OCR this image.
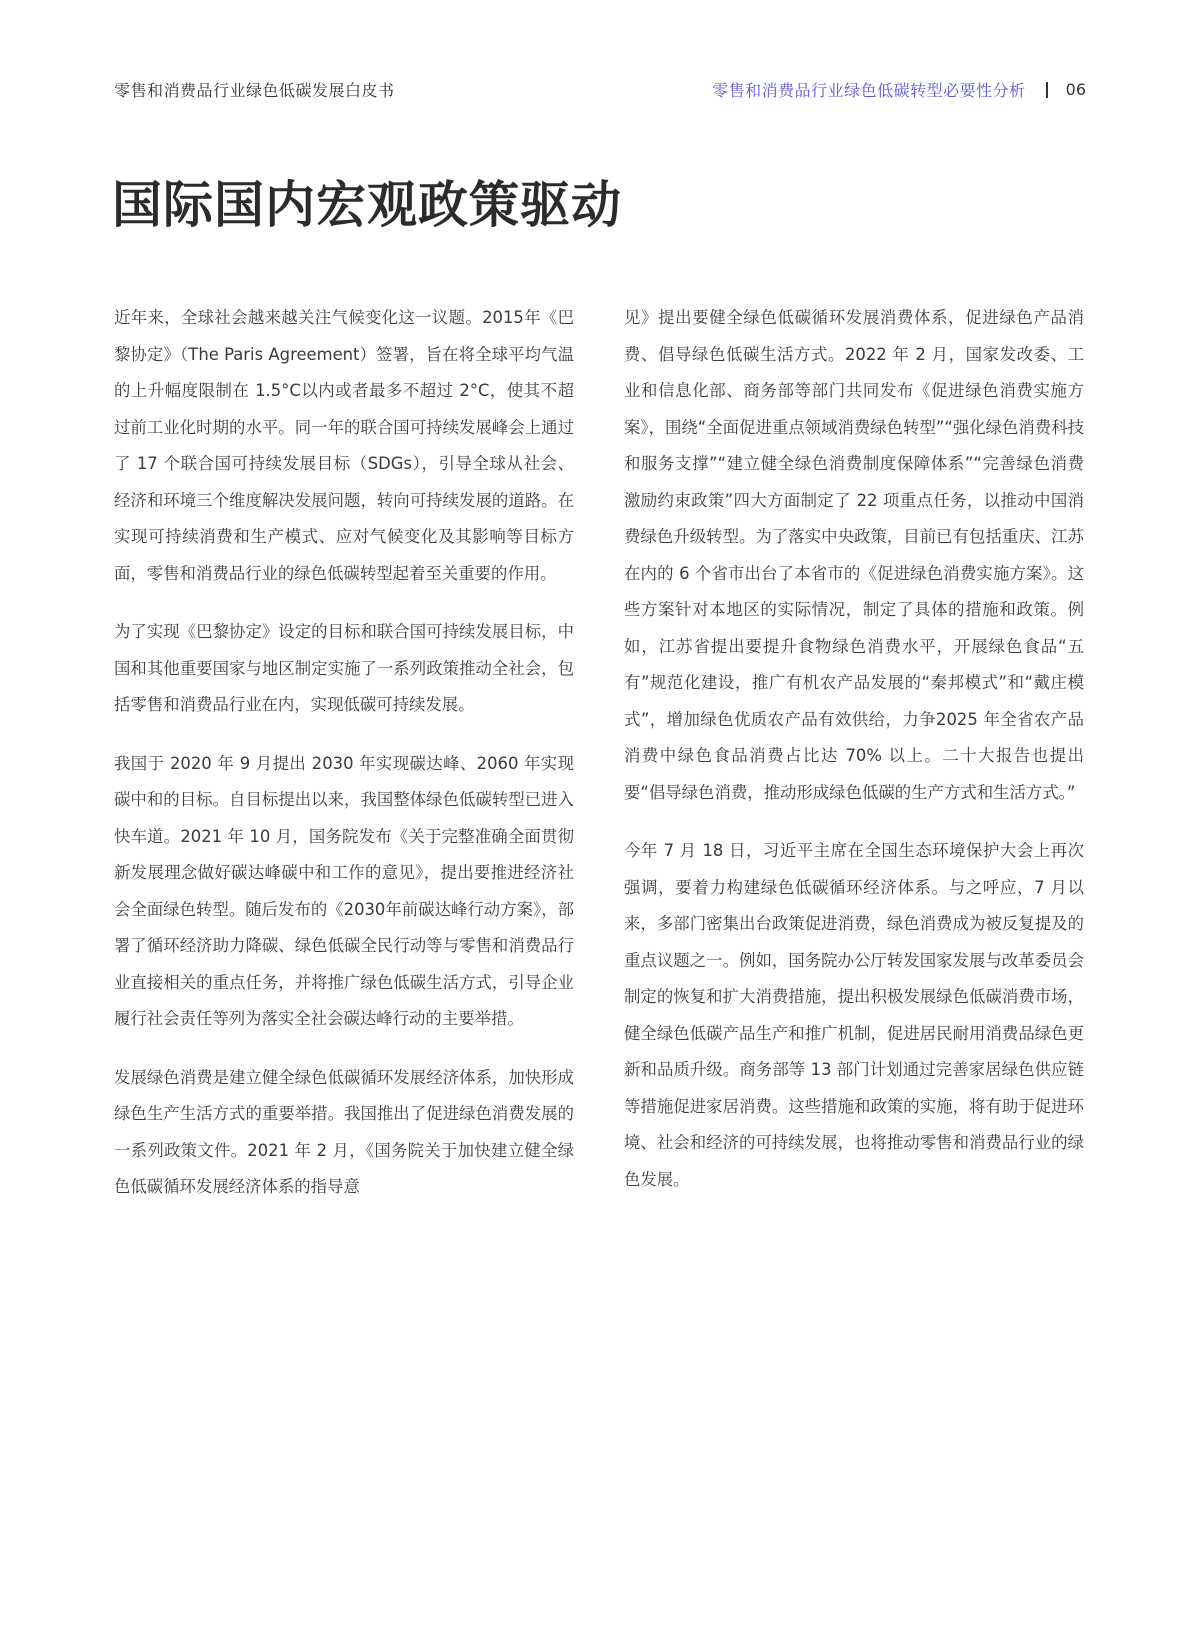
零售和消费品行业绿色低碳发展白皮书	零售和消费品行业绿色低碳转型必要性分析	06
国际国内宏观政策驱动

近年来，全球社会越来越关注气候变化这一议题。2015年《巴黎协定》（The Paris Agreement）签署，旨在将全球平均气温的上升幅度限制在 1.5°C以内或者最多不超过 2°C，使其不超过前工业化时期的水平。同一年的联合国可持续发展峰会上通过了 17 个联合国可持续发展目标（SDGs），引导全球从社会、经济和环境三个维度解决发展问题，转向可持续发展的道路。在实现可持续消费和生产模式、应对气候变化及其影响等目标方面，零售和消费品行业的绿色低碳转型起着至关重要的作用。

为了实现《巴黎协定》设定的目标和联合国可持续发展目标，中国和其他重要国家与地区制定实施了一系列政策推动全社会，包括零售和消费品行业在内，实现低碳可持续发展。

我国于 2020 年 9 月提出 2030 年实现碳达峰、2060 年实现碳中和的目标。自目标提出以来，我国整体绿色低碳转型已进入快车道。2021 年 10 月，国务院发布《关于完整准确全面贯彻新发展理念做好碳达峰碳中和工作的意见》，提出要推进经济社会全面绿色转型。随后发布的《2030年前碳达峰行动方案》，部署了循环经济助力降碳、绿色低碳全民行动等与零售和消费品行业直接相关的重点任务，并将推广绿色低碳生活方式，引导企业履行社会责任等列为落实全社会碳达峰行动的主要举措。

发展绿色消费是建立健全绿色低碳循环发展经济体系，加快形成绿色生产生活方式的重要举措。我国推出了促进绿色消费发展的一系列政策文件。2021 年 2 月，《国务院关于加快建立健全绿色低碳循环发展经济体系的指导意

见》提出要健全绿色低碳循环发展消费体系，促进绿色产品消费、倡导绿色低碳生活方式。2022 年 2 月，国家发改委、工业和信息化部、商务部等部门共同发布《促进绿色消费实施方案》，围绕“全面促进重点领域消费绿色转型”“强化绿色消费科技和服务支撑”“建立健全绿色消费制度保障体系”“完善绿色消费激励约束政策”四大方面制定了 22 项重点任务，以推动中国消费绿色升级转型。为了落实中央政策，目前已有包括重庆、江苏在内的 6 个省市出台了本省市的《促进绿色消费实施方案》。这些方案针对本地区的实际情况，制定了具体的措施和政策。例如，江苏省提出要提升食物绿色消费水平，开展绿色食品“五有”规范化建设，推广有机农产品发展的“秦邦模式”和“戴庄模式”，增加绿色优质农产品有效供给，力争2025 年全省农产品消费中绿色食品消费占比达 70% 以上。二十大报告也提出要“倡导绿色消费，推动形成绿色低碳的生产方式和生活方式。”

今年 7 月 18 日，习近平主席在全国生态环境保护大会上再次强调，要着力构建绿色低碳循环经济体系。与之呼应，7 月以来，多部门密集出台政策促进消费，绿色消费成为被反复提及的重点议题之一。例如，国务院办公厅转发国家发展与改革委员会制定的恢复和扩大消费措施，提出积极发展绿色低碳消费市场，健全绿色低碳产品生产和推广机制，促进居民耐用消费品绿色更新和品质升级。商务部等 13 部门计划通过完善家居绿色供应链等措施促进家居消费。这些措施和政策的实施，将有助于促进环境、社会和经济的可持续发展，也将推动零售和消费品行业的绿色发展。
